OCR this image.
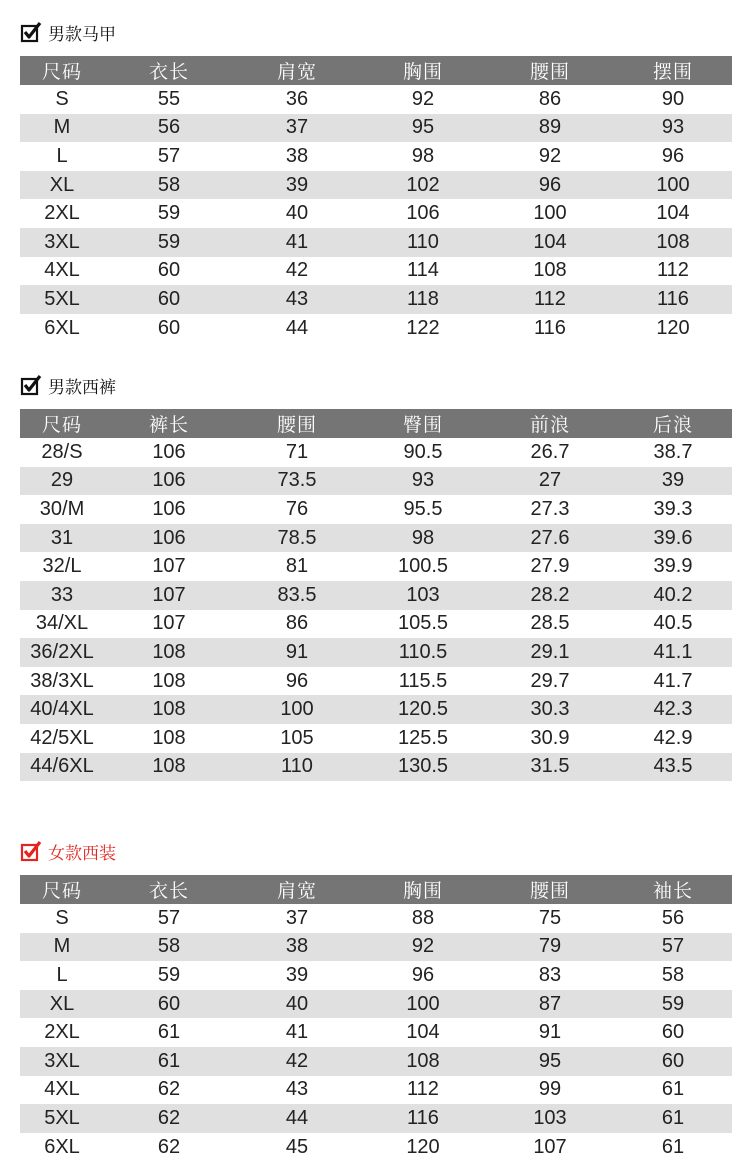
男款马甲
尺码	衣长	肩宽	胸围	腰围	摆围
S	55	36	92	86	90
M	56	37	95	89	93
L	57	38	98	92	96
XL	58	39	102	96	100
2XL	59	40	106	100	104
3XL	59	41	110	104	108
4XL	60	42	114	108	112
5XL	60	43	118	112	116
6XL	60	44	122	116	120
男款西裤
尺码	裤长	腰围	臀围	前浪	后浪
28/S	106	71	90.5	26.7	38.7
29	106	73.5	93	27	39
30/M	106	76	95.5	27.3	39.3
31	106	78.5	98	27.6	39.6
32/L	107	81	100.5	27.9	39.9
33	107	83.5	103	28.2	40.2
34/XL	107	86	105.5	28.5	40.5
36/2XL	108	91	110.5	29.1	41.1
38/3XL	108	96	115.5	29.7	41.7
40/4XL	108	100	120.5	30.3	42.3
42/5XL	108	105	125.5	30.9	42.9
44/6XL	108	110	130.5	31.5	43.5
女款西装
尺码	衣长	肩宽	胸围	腰围	袖长
S	57	37	88	75	56
M	58	38	92	79	57
L	59	39	96	83	58
XL	60	40	100	87	59
2XL	61	41	104	91	60
3XL	61	42	108	95	60
4XL	62	43	112	99	61
5XL	62	44	116	103	61
6XL	62	45	120	107	61
